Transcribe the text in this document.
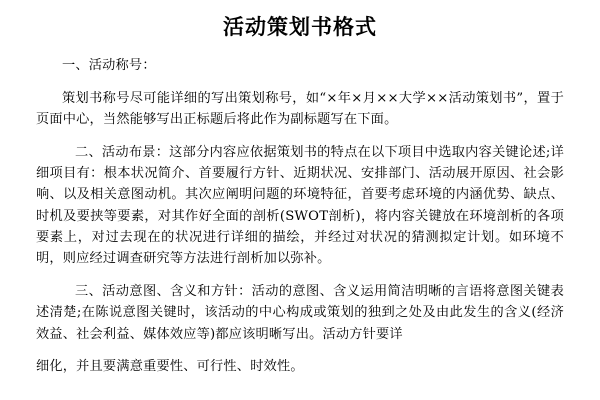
活动策划书格式

一、活动称号：

策划书称号尽可能详细的写出策划称号，如“×年×月××大学××活动策划书”，置于页面中心，当然能够写出正标题后将此作为副标题写在下面。

二、活动布景：这部分内容应依据策划书的特点在以下项目中选取内容关键论述;详细项目有：根本状况简介、首要履行方针、近期状况、安排部门、活动展开原因、社会影响、以及相关意图动机。其次应阐明问题的环境特征，首要考虑环境的内涵优势、缺点、时机及要挟等要素，对其作好全面的剖析(SWOT剖析)，将内容关键放在环境剖析的各项要素上，对过去现在的状况进行详细的描绘，并经过对状况的猜测拟定计划。如环境不明，则应经过调查研究等方法进行剖析加以弥补。

三、活动意图、含义和方针：活动的意图、含义运用简洁明晰的言语将意图关键表述清楚;在陈说意图关键时，该活动的中心构成或策划的独到之处及由此发生的含义(经济效益、社会利益、媒体效应等)都应该明晰写出。活动方针要详

细化，并且要满意重要性、可行性、时效性。
